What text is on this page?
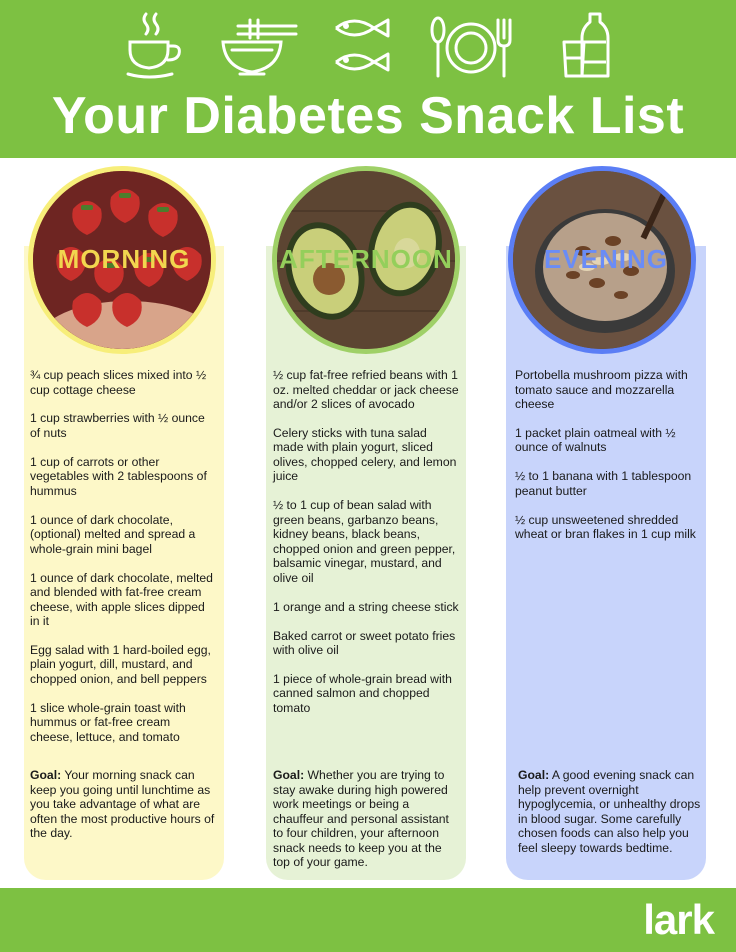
Your Diabetes Snack List
MORNING	AFTERNOON	EVENING
¾ cup peach slices mixed into ½ cup cottage cheese
1 cup strawberries with ½ ounce of nuts
1 cup of carrots or other vegetables with 2 tablespoons of hummus
1 ounce of dark chocolate, (optional) melted and spread a whole-grain mini bagel
1 ounce of dark chocolate, melted and blended with fat-free cream cheese, with apple slices dipped in it
Egg salad with 1 hard-boiled egg, plain yogurt, dill, mustard, and chopped onion, and bell peppers
1 slice whole-grain toast with hummus or fat-free cream cheese, lettuce, and tomato
½ cup fat-free refried beans with 1 oz. melted cheddar or jack cheese and/or 2 slices of avocado
Celery sticks with tuna salad made with plain yogurt, sliced olives, chopped celery, and lemon juice
½ to 1 cup of bean salad with green beans, garbanzo beans, kidney beans, black beans, chopped onion and green pepper, balsamic vinegar, mustard, and olive oil
1 orange and a string cheese stick
Baked carrot or sweet potato fries with olive oil
1 piece of whole-grain bread with canned salmon and chopped tomato
Portobella mushroom pizza with tomato sauce and mozzarella cheese
1 packet plain oatmeal with ½ ounce of walnuts
½ to 1 banana with 1 tablespoon peanut butter
½ cup unsweetened shredded wheat or bran flakes in 1 cup milk
Goal: Your morning snack can keep you going until lunchtime as you take advantage of what are often the most productive hours of the day.
Goal: Whether you are trying to stay awake during high powered work meetings or being a chauffeur and personal assistant to four children, your afternoon snack needs to keep you at the top of your game.
Goal: A good evening snack can help prevent overnight hypoglycemia, or unhealthy drops in blood sugar. Some carefully chosen foods can also help you feel sleepy towards bedtime.
lark
